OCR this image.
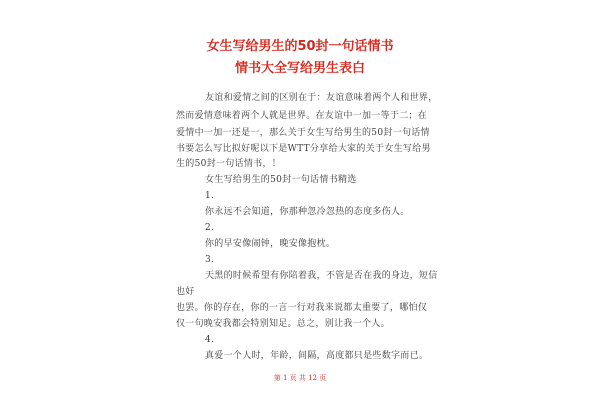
女生写给男生的50封一句话情书
情书大全写给男生表白
友谊和爱情之间的区别在于：友谊意味着两个人和世界，
然而爱情意味着两个人就是世界。在友谊中一加一等于二；在
爱情中一加一还是一，那么关于女生写给男生的50封一句话情
书要怎么写比拟好呢以下是WTT分享给大家的关于女生写给男
生的50封一句话情书，！
女生写给男生的50封一句话情书精选
1.
你永远不会知道，你那种忽冷忽热的态度多伤人。
2.
你的早安像闹钟，晚安像抱枕。
3.
天黑的时候希望有你陪着我，不管是否在我的身边，短信
也好
也罢。你的存在，你的一言一行对我来说都太重要了，哪怕仅
仅一句晚安我都会特别知足。总之，别让我一个人。
4.
真爱一个人时，年龄，间隔，高度都只是些数字而已。
第 1 页 共 12 页
